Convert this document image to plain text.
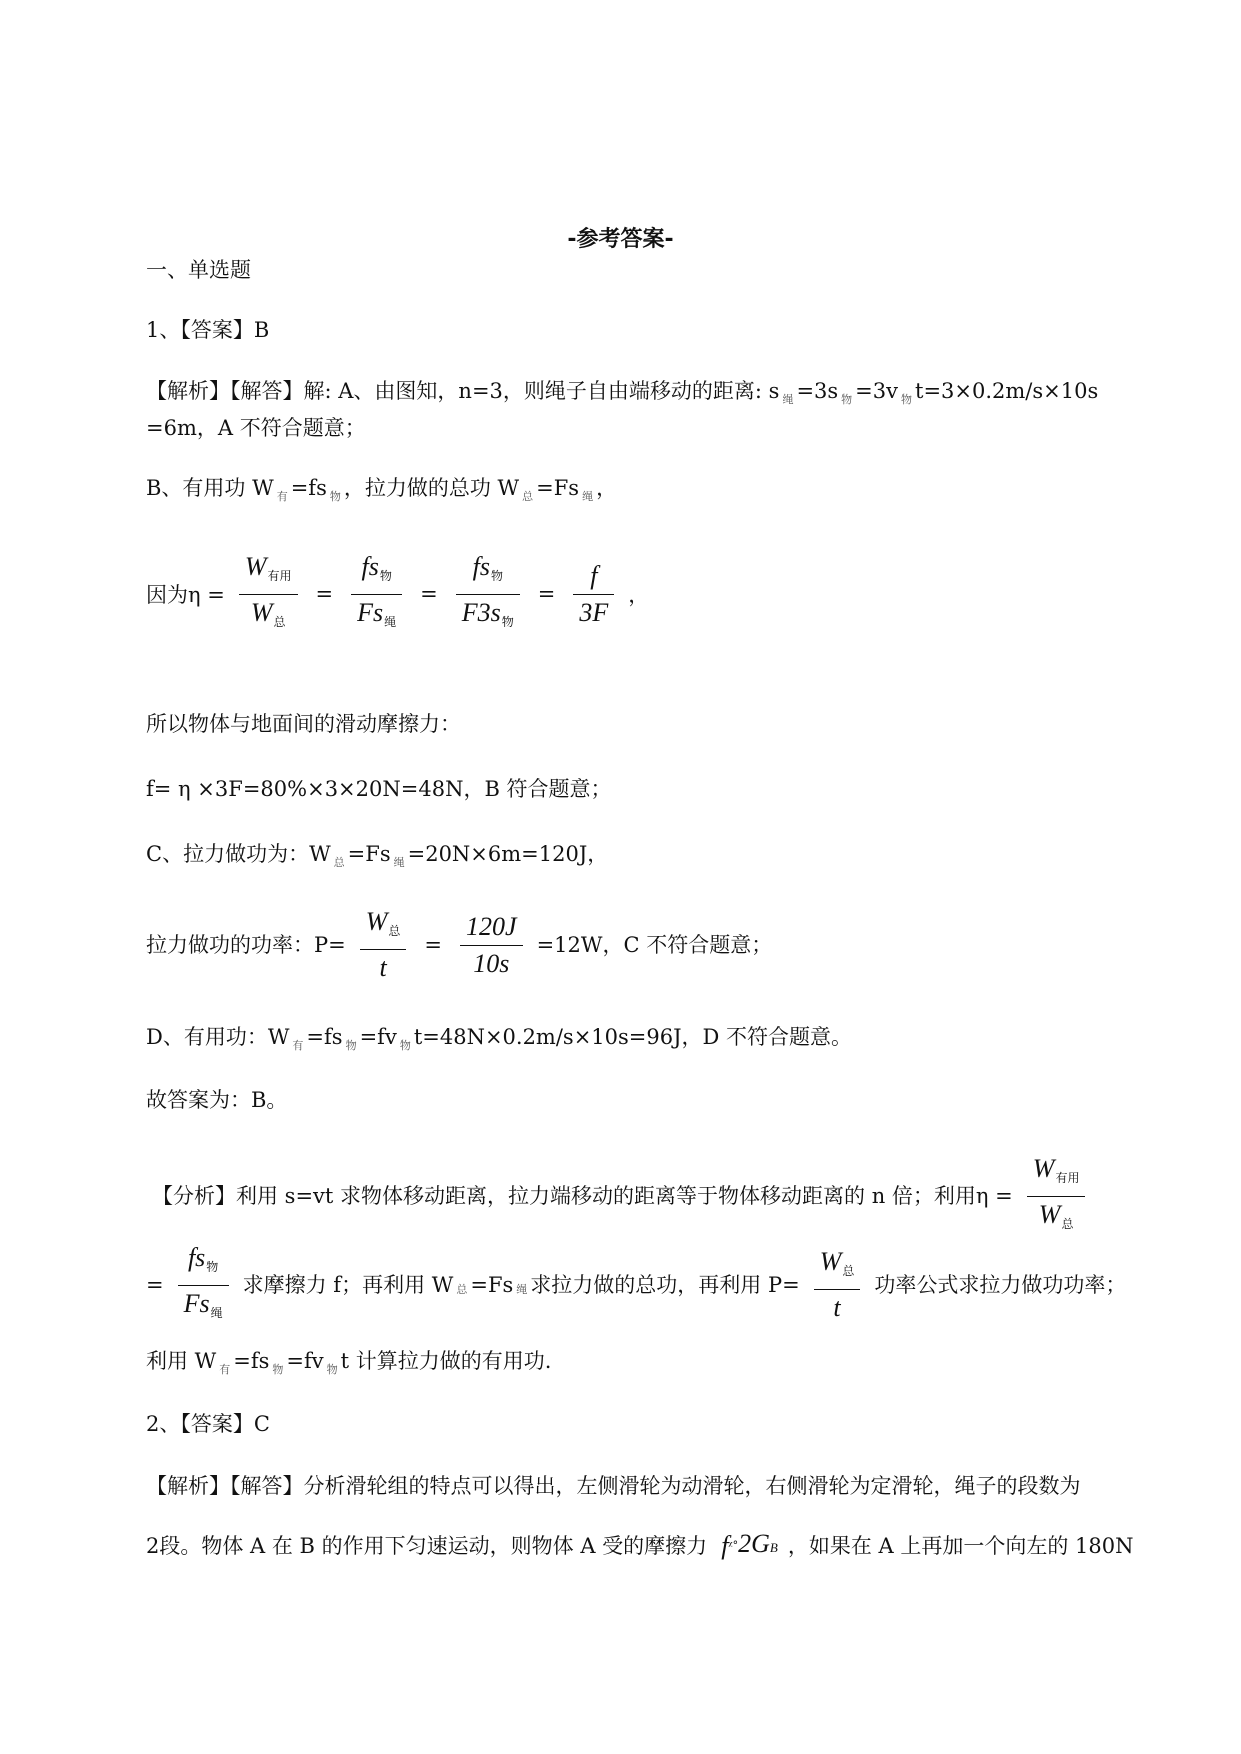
-参考答案-
一、单选题
1、【答案】B
【解析】【解答】解: A、由图知，n=3，则绳子自由端移动的距离: s $_绳$ =3s $_物$ =3v $_物$ t=3×0.2m/s×10s
=6m，A 不符合题意；
B、有用功 W $_有$ =fs $_物$ ，拉力做的总功 W $_总$ =Fs $_绳$ ，
因为$\eta = \frac{\text{W有用}}{\text{W总}} = \frac{\text{fs物}}{\text{Fs绳}} = \frac{\text{fs物}}{\text{F3s物}} = \frac{f}{3F}$ ，
所以物体与地面间的滑动摩擦力：
f= η ×3F=80%×3×20N=48N，B 符合题意；
C、拉力做功为：W $_总$ =Fs $_绳$ =20N×6m=120J，
拉力做功的功率：$P= \frac{\text{W总}}{t} = \frac{120J}{10s} =12W$，C 不符合题意；
D、有用功：W $_有$ =fs $_物$ =fv $_物$ t=48N×0.2m/s×10s=96J，D 不符合题意。
故答案为：B。
【分析】利用 s=vt 求物体移动距离，拉力端移动的距离等于物体移动距离的 n 倍；利用$\eta = \frac{\text{W有用}}{\text{W总}}$
= $\frac{\text{fs物}}{\text{Fs绳}}$ 求摩擦力 f；再利用 W 总 =Fs 绳 求拉力做的总功，再利用 $P= \frac{\text{W总}}{t}$ 功率公式求拉力做功功率；
利用 W $_有$ =fs $_物$ =fv $_物$ t 计算拉力做的有用功.
2、【答案】C
【解析】【解答】分析滑轮组的特点可以得出，左侧滑轮为动滑轮，右侧滑轮为定滑轮，绳子的段数为
2段。物体 A 在 B 的作用下匀速运动，则物体 A 受的摩擦力 f ᵡ° 2GB ，如果在 A 上再加一个向左的 180N
